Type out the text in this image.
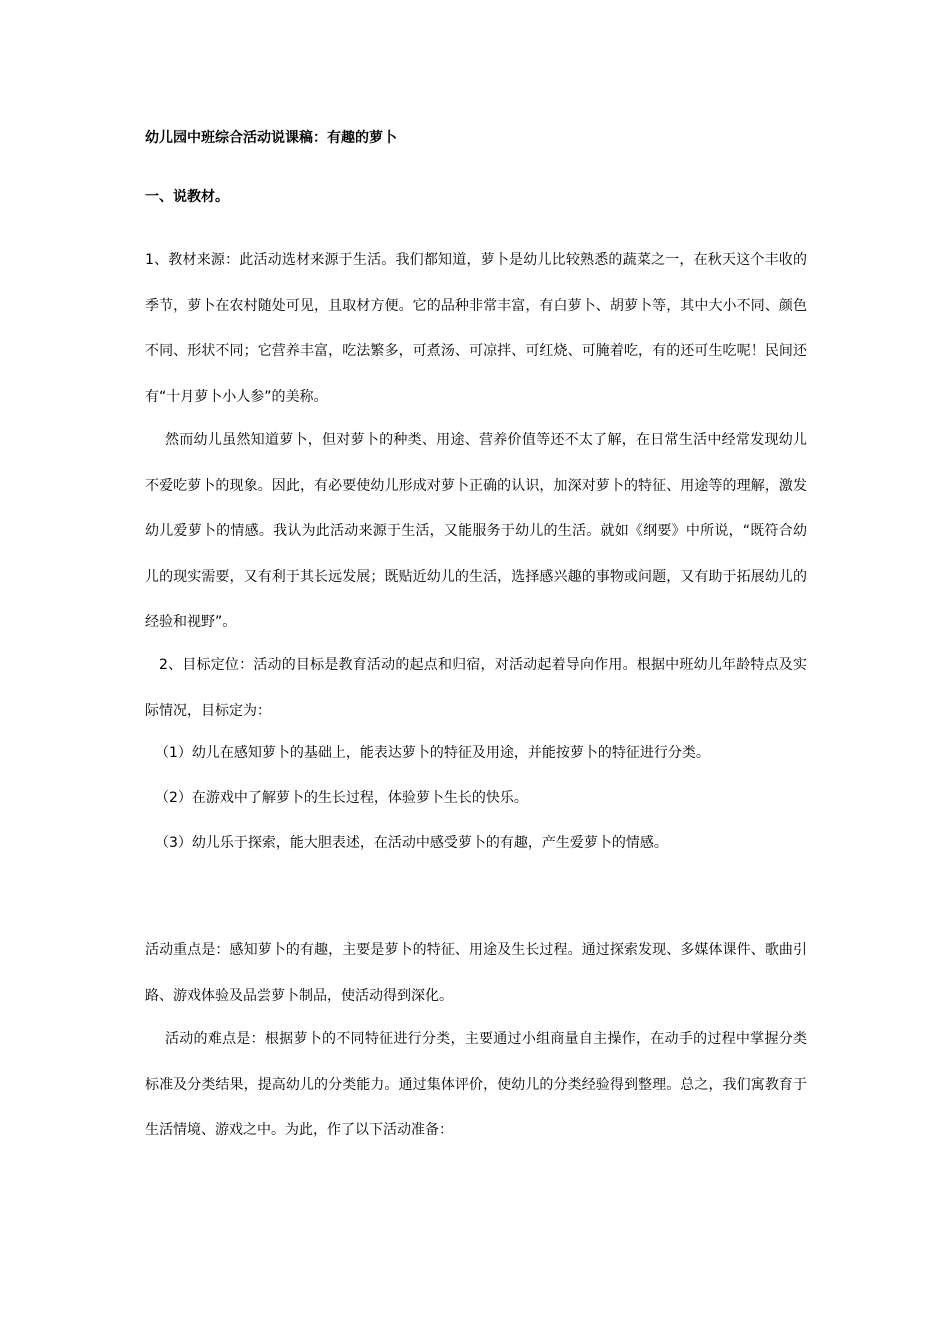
幼儿园中班综合活动说课稿：有趣的萝卜
一、说教材。

1、教材来源：此活动选材来源于生活。我们都知道，萝卜是幼儿比较熟悉的蔬菜之一，在秋天这个丰收的季节，萝卜在农村随处可见，且取材方便。它的品种非常丰富，有白萝卜、胡萝卜等，其中大小不同、颜色不同、形状不同；它营养丰富，吃法繁多，可煮汤、可凉拌、可红烧、可腌着吃，有的还可生吃呢！民间还有“十月萝卜小人参”的美称。

然而幼儿虽然知道萝卜，但对萝卜的种类、用途、营养价值等还不太了解，在日常生活中经常发现幼儿不爱吃萝卜的现象。因此，有必要使幼儿形成对萝卜正确的认识，加深对萝卜的特征、用途等的理解，激发幼儿爱萝卜的情感。我认为此活动来源于生活，又能服务于幼儿的生活。就如《纲要》中所说，“既符合幼儿的现实需要，又有利于其长远发展；既贴近幼儿的生活，选择感兴趣的事物或问题，又有助于拓展幼儿的经验和视野”。

2、目标定位：活动的目标是教育活动的起点和归宿，对活动起着导向作用。根据中班幼儿年龄特点及实际情况，目标定为：

（1）幼儿在感知萝卜的基础上，能表达萝卜的特征及用途，并能按萝卜的特征进行分类。

（2）在游戏中了解萝卜的生长过程，体验萝卜生长的快乐。

（3）幼儿乐于探索，能大胆表述，在活动中感受萝卜的有趣，产生爱萝卜的情感。

活动重点是：感知萝卜的有趣，主要是萝卜的特征、用途及生长过程。通过探索发现、多媒体课件、歌曲引路、游戏体验及品尝萝卜制品，使活动得到深化。

活动的难点是：根据萝卜的不同特征进行分类，主要通过小组商量自主操作，在动手的过程中掌握分类标准及分类结果，提高幼儿的分类能力。通过集体评价，使幼儿的分类经验得到整理。总之，我们寓教育于生活情境、游戏之中。为此，作了以下活动准备：
